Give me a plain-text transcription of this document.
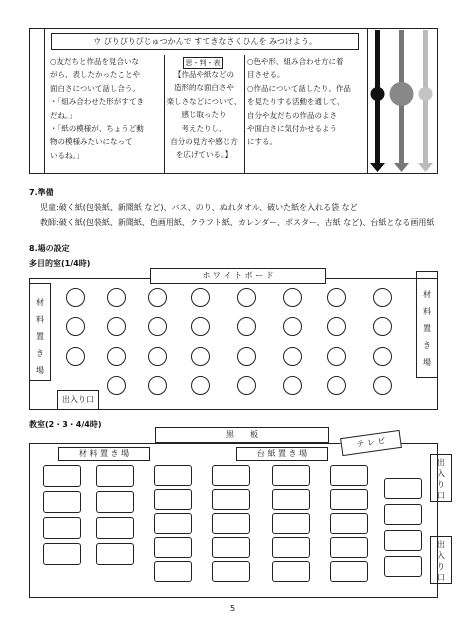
ウ ぴりぴりびじゅつかんで すてきなさくひんを みつけよう。
○友だちと作品を見合いな
がら、表したかったことや
面白さについて話し合う。
・「組み合わせた形がすてき
だね。」
・「紙の模様が、ちょうど動
物の模様みたいになって
いるね。」
思・判・表
【作品や紙などの
造形的な面白さや
楽しさなどについて、
感じ取ったり
考えたりし、
自分の見方や感じ方
を広げている。】
○色や形、組み合わせ方に着
目させる。
○作品について話したり、作品
を見たりする活動を通して、
自分や友だちの作品のよさ
や面白さに気付かせるよう
にする。
7.準備
児童:破く紙(包装紙、新聞紙 など)、バス、のり、ぬれタオル、破いた紙を入れる袋 など
教師:破く紙(包装紙、新聞紙、色画用紙、クラフト紙、カレンダー、ポスター、古紙 など)、台紙となる画用紙
8.場の設定
多目的室(1/4時)
ホ ワ イ ト ボ ー ド
材
料
置
き
場
材
料
置
き
場
出入り口
教室(2・3・4/4時)
黒　　板
テ レ ビ
材 料 置 き 場	台 紙 置 き 場
出
入
り
口
出
入
り
口
5
